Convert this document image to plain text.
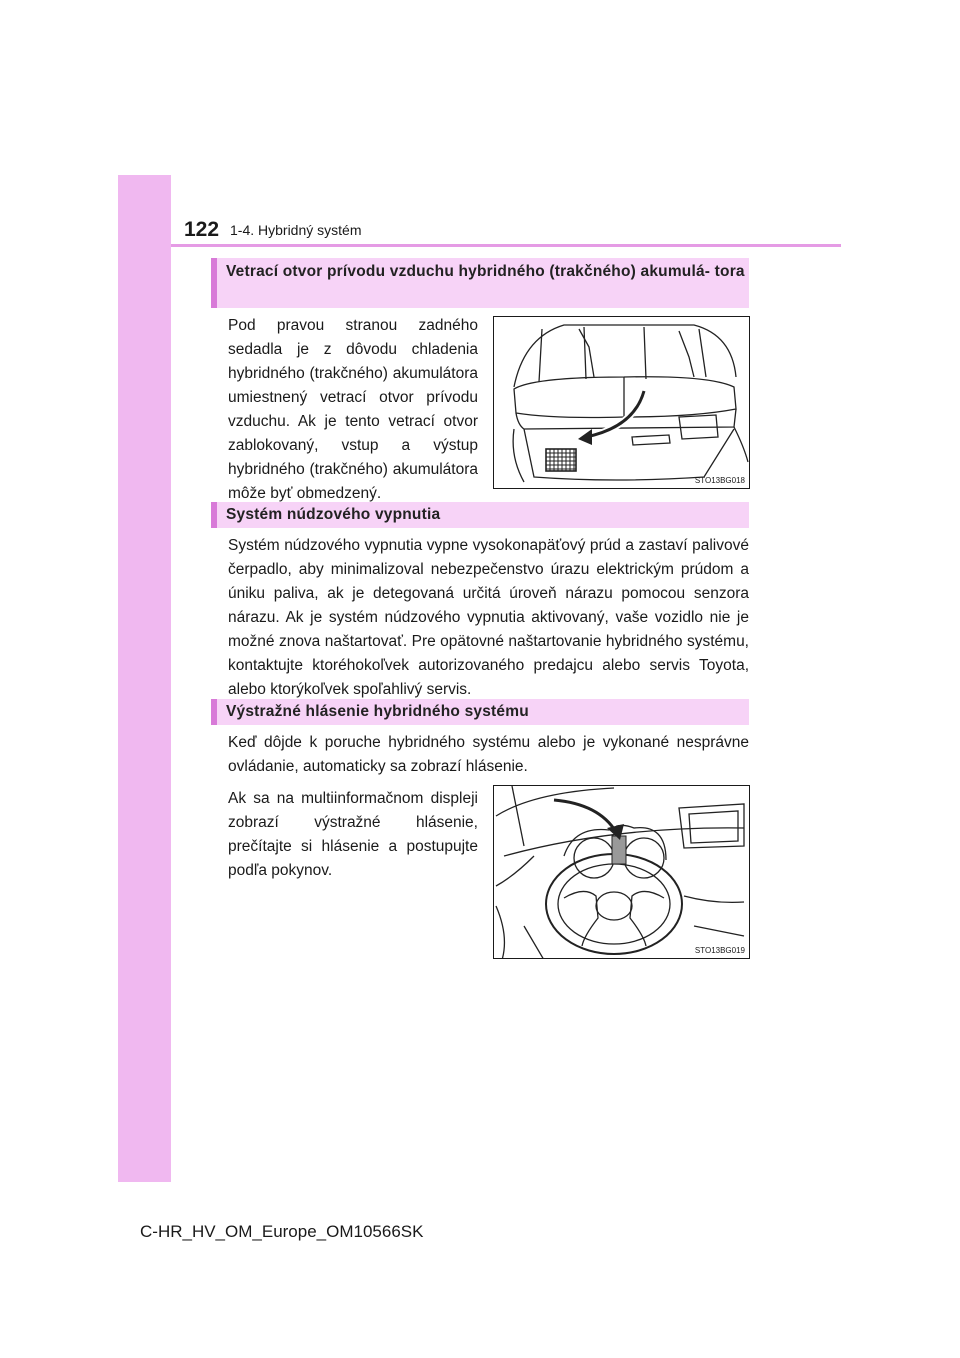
122 1-4. Hybridný systém
Vetrací otvor prívodu vzduchu hybridného (trakčného) akumulá- tora
Pod pravou stranou zadného sedadla je z dôvodu chladenia hybridného (trakčného) akumulátora umiestnený vetrací otvor prívodu vzduchu. Ak je tento vetrací otvor zablokovaný, vstup a výstup hybridného (trakčného) akumulátora môže byť obmedzený.
STO13BG018
Systém núdzového vypnutia
Systém núdzového vypnutia vypne vysokonapäťový prúd a zastaví palivové čerpadlo, aby minimalizoval nebezpečenstvo úrazu elektrickým prúdom a úniku paliva, ak je detegovaná určitá úroveň nárazu pomocou senzora nárazu. Ak je systém núdzového vypnutia aktivovaný, vaše vozidlo nie je možné znova naštartovať. Pre opätovné naštartovanie hybridného systému, kontaktujte ktoréhokoľvek autorizovaného predajcu alebo servis Toyota, alebo ktorýkoľvek spoľahlivý servis.
Výstražné hlásenie hybridného systému
Keď dôjde k poruche hybridného systému alebo je vykonané nesprávne ovládanie, automaticky sa zobrazí hlásenie.
Ak sa na multiinformačnom displeji zobrazí výstražné hlásenie, prečítajte si hlásenie a postupujte podľa pokynov.
STO13BG019
C-HR_HV_OM_Europe_OM10566SK
